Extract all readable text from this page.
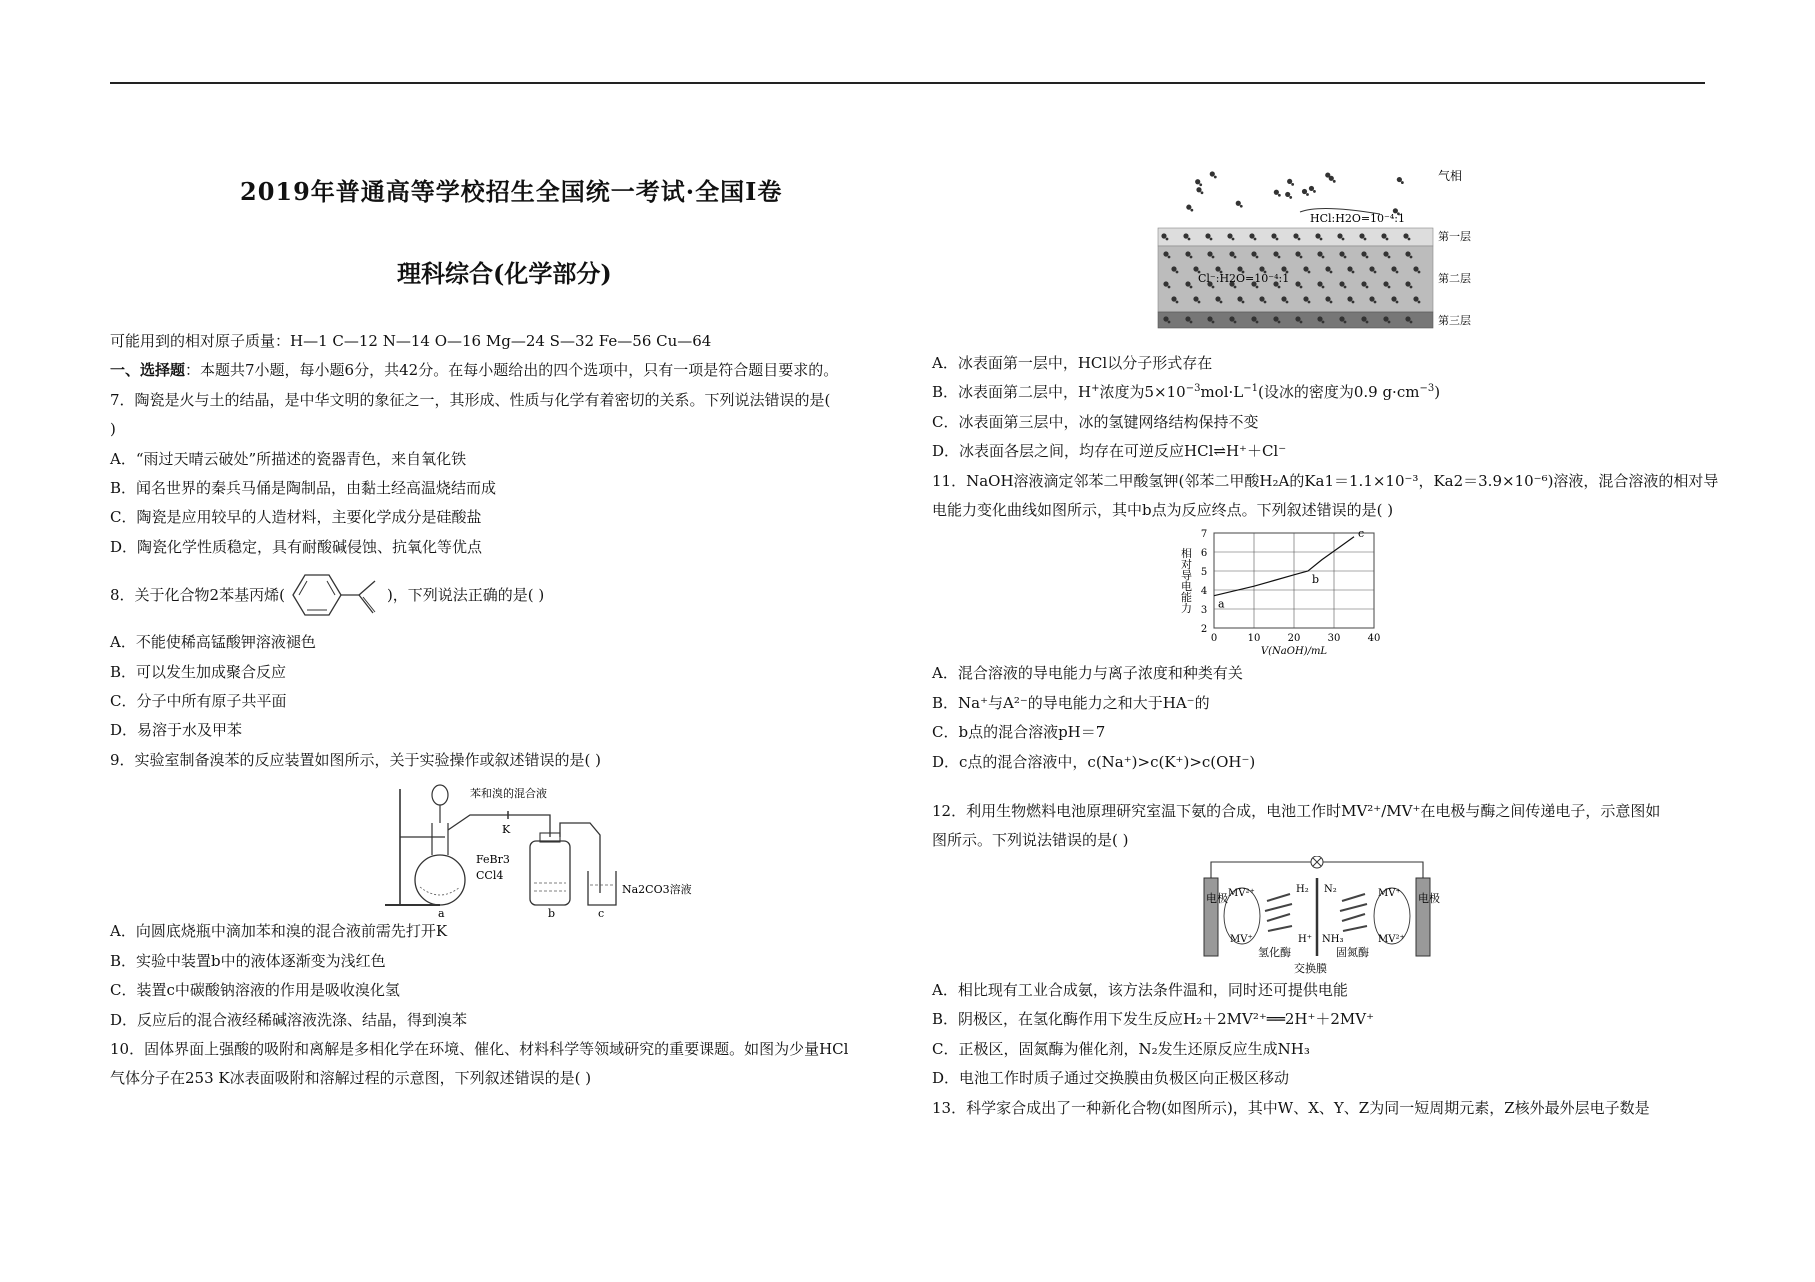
2019年普通高等学校招生全国统一考试·全国Ⅰ卷
理科综合(化学部分)

可能用到的相对原子质量：H—1 C—12 N—14 O—16 Mg—24 S—32 Fe—56 Cu—64

一、选择题：本题共7小题，每小题6分，共42分。在每小题给出的四个选项中，只有一项是符合题目要求的。

7．陶瓷是火与土的结晶，是中华文明的象征之一，其形成、性质与化学有着密切的关系。下列说法错误的是(

)

A．“雨过天晴云破处”所描述的瓷器青色，来自氧化铁

B．闻名世界的秦兵马俑是陶制品，由黏土经高温烧结而成

C．陶瓷是应用较早的人造材料，主要化学成分是硅酸盐

D．陶瓷化学性质稳定，具有耐酸碱侵蚀、抗氧化等优点

8．关于化合物2苯基丙烯(	)，下列说法正确的是( )

A．不能使稀高锰酸钾溶液褪色

B．可以发生加成聚合反应

C．分子中所有原子共平面

D．易溶于水及甲苯

9．实验室制备溴苯的反应装置如图所示，关于实验操作或叙述错误的是( )

苯和溴的混合液
K
FeBr3
CCl4
Na2CO3溶液
a	b	c

A．向圆底烧瓶中滴加苯和溴的混合液前需先打开K

B．实验中装置b中的液体逐渐变为浅红色

C．装置c中碳酸钠溶液的作用是吸收溴化氢

D．反应后的混合液经稀碱溶液洗涤、结晶，得到溴苯

10．固体界面上强酸的吸附和离解是多相化学在环境、催化、材料科学等领域研究的重要课题。如图为少量HCl

气体分子在253 K冰表面吸附和溶解过程的示意图，下列叙述错误的是( )

气相
HCl:H2O=10⁻⁴:1
Cl⁻:H2O=10⁻⁴:1
第一层
第二层
第三层

A．冰表面第一层中，HCl以分子形式存在

B．冰表面第二层中，H+浓度为$5\times 10^{-3}mol\cdot L^{-1}$(设冰的密度为0.9 $g\cdot cm^{-3}$)

C．冰表面第三层中，冰的氢键网络结构保持不变

D．冰表面各层之间，均存在可逆反应HCl⇌H⁺＋Cl⁻

11．NaOH溶液滴定邻苯二甲酸氢钾(邻苯二甲酸H₂A的Ka1＝1.1×10⁻³，Ka2＝3.9×10⁻⁶)溶液，混合溶液的相对导

电能力变化曲线如图所示，其中b点为反应终点。下列叙述错误的是( )

2
3
4
5
6
7
0	10	20	30	40
a
b
c
V(NaOH)/mL
相对导电能力

A．混合溶液的导电能力与离子浓度和种类有关

B．Na⁺与A²⁻的导电能力之和大于HA⁻的

C．b点的混合溶液pH＝7

D．c点的混合溶液中，c(Na⁺)>c(K⁺)>c(OH⁻)

12．利用生物燃料电池原理研究室温下氨的合成，电池工作时MV²⁺/MV⁺在电极与酶之间传递电子，示意图如

图所示。下列说法错误的是( )

电极	电极
MV²⁺
MV⁺
MV⁺
MV²⁺
H₂
H⁺
N₂
NH₃
氢化酶	固氮酶
交换膜

A．相比现有工业合成氨，该方法条件温和，同时还可提供电能

B．阴极区，在氢化酶作用下发生反应H₂＋2MV²⁺══2H⁺＋2MV⁺

C．正极区，固氮酶为催化剂，N₂发生还原反应生成NH₃

D．电池工作时质子通过交换膜由负极区向正极区移动

13．科学家合成出了一种新化合物(如图所示)，其中W、X、Y、Z为同一短周期元素，Z核外最外层电子数是
